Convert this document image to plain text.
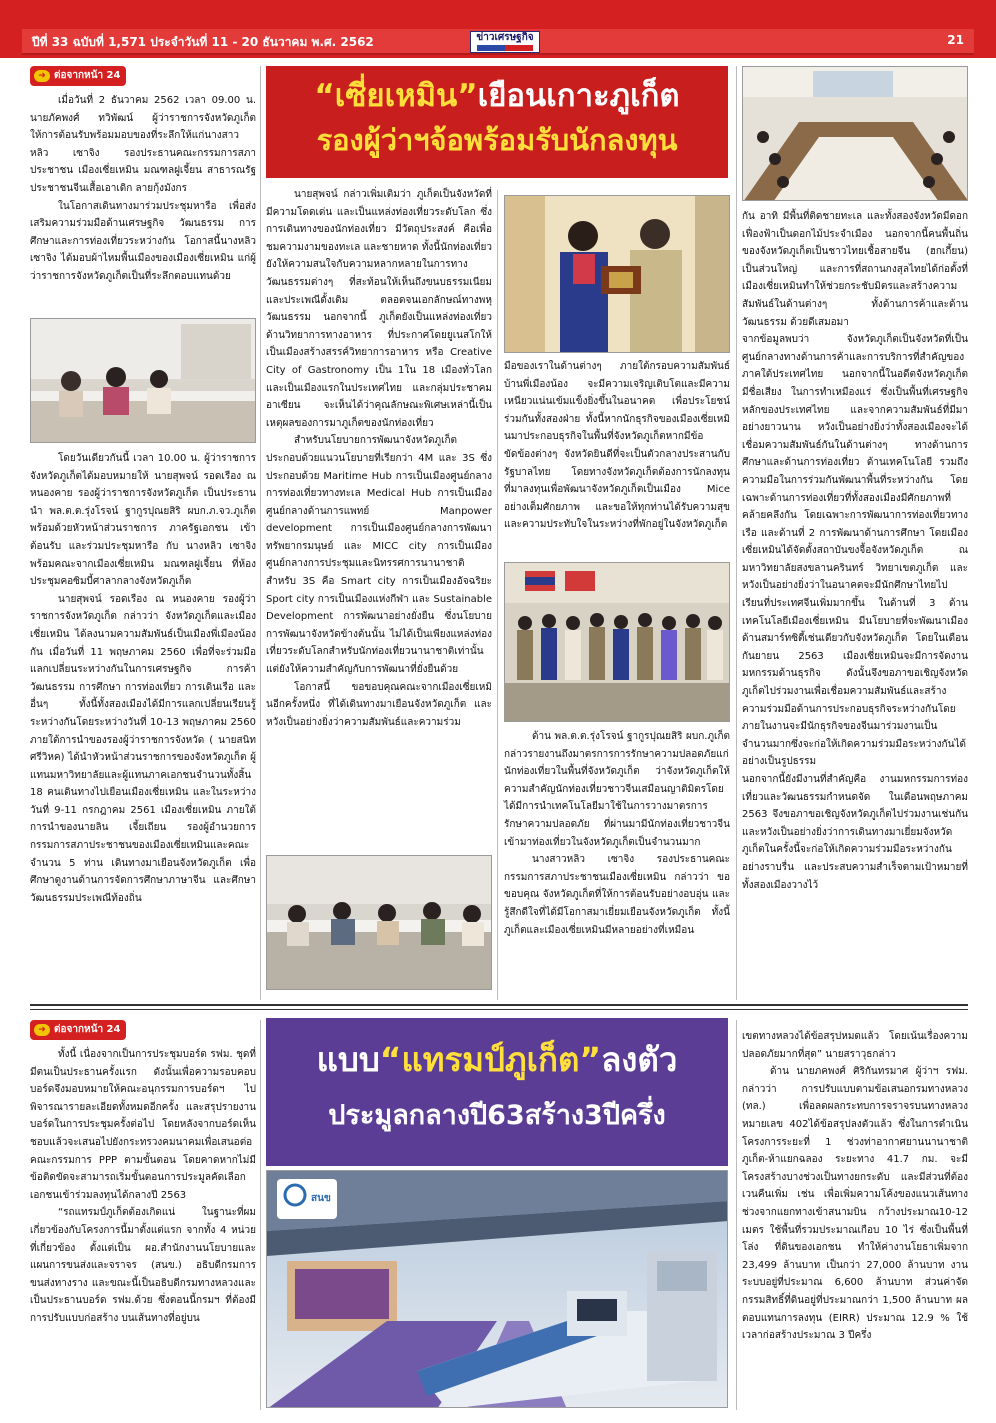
ปีที่ 33 ฉบับที่ 1,571 ประจำวันที่ 11 - 20 ธันวาคม พ.ศ. 2562	ข่าวเศรษฐกิจ	21
➜ ต่อจากหน้า 24

เมื่อวันที่ 2 ธันวาคม 2562 เวลา 09.00 น. นายภัคพงศ์ ทวิพัฒน์ ผู้ว่าราชการจังหวัดภูเก็ต ให้การต้อนรับพร้อมมอบของที่ระลึกให้แก่นางสาวหลิว เซาจิง รองประธานคณะกรรมการสภาประชาชน เมืองเซี่ยเหมิน มณฑลฝูเจี้ยน สาธารณรัฐประชาชนจีนเสื้อเอาเดิก ลายกุ้งมังกร

ในโอกาสเดินทางมาร่วมประชุมหารือ เพื่อส่งเสริมความร่วมมือด้านเศรษฐกิจ วัฒนธรรม การศึกษาและการท่องเที่ยวระหว่างกัน โอกาสนี้นางหลิว เซาจิง ได้มอบผ้าไหมพื้นเมืองของเมืองเซี่ยเหมิน แก่ผู้ว่าราชการจังหวัดภูเก็ตเป็นที่ระลึกตอบแทนด้วย

โดยวันเดียวกันนี้ เวลา 10.00 น. ผู้ว่าราชการจังหวัดภูเก็ตได้มอบหมายให้ นายสุพจน์ รอดเรือง ณ หนองคาย รองผู้ว่าราชการจังหวัดภูเก็ต เป็นประธานนำ พล.ต.ต.รุ่งโรจน์ ฐากูรปุณยสิริ ผบก.ภ.จว.ภูเก็ต พร้อมด้วยหัวหน้าส่วนราชการ ภาครัฐเอกชน เข้าต้อนรับ และร่วมประชุมหารือ กับ นางหลิว เซาจิง พร้อมคณะจากเมืองเซี่ยเหมิน มณฑลฝูเจี้ยน ที่ห้องประชุมคอซิมบี้ศาลากลางจังหวัดภูเก็ต

นายสุพจน์ รอดเรือง ณ หนองคาย รองผู้ว่าราชการจังหวัดภูเก็ต กล่าวว่า จังหวัดภูเก็ตและเมืองเซี่ยเหมิน ได้ลงนามความสัมพันธ์เป็นเมืองพี่เมืองน้องกัน เมื่อวันที่ 11 พฤษภาคม 2560 เพื่อที่จะร่วมมือแลกเปลี่ยนระหว่างกันในการเศรษฐกิจ การค้า วัฒนธรรม การศึกษา การท่องเที่ยว การเดินเรือ และอื่นๆ ทั้งนี้ทั้งสองเมืองได้มีการแลกเปลี่ยนเรียนรู้ระหว่างกันโดยระหว่างวันที่ 10-13 พฤษภาคม 2560 ภายใต้การนำของรองผู้ว่าราชการจังหวัด ( นายสนิท ศรีวิหค) ได้นำหัวหน้าส่วนราชการของจังหวัดภูเก็ต ผู้แทนมหาวิทยาลัยและผู้แทนภาคเอกชนจำนวนทั้งสิ้น 18 คนเดินทางไปเยือนเมืองเซี่ยเหมิน และในระหว่างวันที่ 9-11 กรกฎาคม 2561 เมืองเซี่ยเหมิน ภายใต้การนำของนายลิน เจี้ยเถียน รองผู้อำนวยการกรรมการสภาประชาชนของเมืองเซี่ยเหมินและคณะจำนวน 5 ท่าน เดินทางมาเยือนจังหวัดภูเก็ต เพื่อศึกษาดูงานด้านการจัดการศึกษาภาษาจีน และศึกษาวัฒนธรรมประเพณีท้องถิ่น

“เซี่ยเหมิน”เยือนเกาะภูเก็ต
รองผู้ว่าฯจ้อพร้อมรับนักลงทุน

นายสุพจน์ กล่าวเพิ่มเติมว่า ภูเก็ตเป็นจังหวัดที่มีความโดดเด่น และเป็นแหล่งท่องเที่ยวระดับโลก ซึ่งการเดินทางของนักท่องเที่ยว มีวัตถุประสงค์ คือเพื่อชมความงามของทะเล และชายหาด ทั้งนี้นักท่องเที่ยวยังให้ความสนใจกับความหลากหลายในการทางวัฒนธรรมต่างๆ ที่สะท้อนให้เห็นถึงขนบธรรมเนียมและประเพณีดั้งเดิม ตลอดจนเอกลักษณ์ทางพหุวัฒนธรรม นอกจากนี้ ภูเก็ตยังเป็นแหล่งท่องเที่ยวด้านวิทยาการทางอาหาร ที่ประกาศโดยยูเนสโกให้เป็นเมืองสร้างสรรค์วิทยาการอาหาร หรือ Creative City of Gastronomy เป็น 1ใน 18 เมืองทั่วโลก และเป็นเมืองแรกในประเทศไทย และกลุ่มประชาคมอาเซียน จะเห็นได้ว่าคุณลักษณะพิเศษเหล่านี้เป็นเหตุผลของการมาภูเก็ตของนักท่องเที่ยว

สำหรับนโยบายการพัฒนาจังหวัดภูเก็ต ประกอบด้วยแนวนโยบายที่เรียกว่า 4M และ 3S ซึ่งประกอบด้วย Maritime Hub การเป็นเมืองศูนย์กลางการท่องเที่ยวทางทะเล Medical Hub การเป็นเมืองศูนย์กลางด้านการแพทย์ Manpower development การเป็นเมืองศูนย์กลางการพัฒนาทรัพยากรมนุษย์ และ MICC city การเป็นเมืองศูนย์กลางการประชุมและนิทรรศการนานาชาติ สำหรับ 3S คือ Smart city การเป็นเมืองอัจฉริยะ Sport city การเป็นเมืองแห่งกีฬา และ Sustainable Development การพัฒนาอย่างยั่งยืน ซึ่งนโยบายการพัฒนาจังหวัดข้างต้นนั้น ไม่ได้เป็นเพียงแหล่งท่องเที่ยวระดับโลกสำหรับนักท่องเที่ยวนานาชาติเท่านั้นแต่ยังให้ความสำคัญกับการพัฒนาที่ยั่งยืนด้วย

โอกาสนี้ ขอขอบคุณคณะจากเมืองเซี่ยเหมินอีกครั้งหนึ่ง ที่ได้เดินทางมาเยือนจังหวัดภูเก็ต และหวังเป็นอย่างยิ่งว่าความสัมพันธ์และความร่วม

มือของเราในด้านต่างๆ ภายใต้กรอบความสัมพันธ์บ้านพี่เมืองน้อง จะมีความเจริญเติบโตและมีความเหนียวแน่นเข้มแข็งยิ่งขึ้นในอนาคต เพื่อประโยชน์ร่วมกันทั้งสองฝ่าย ทั้งนี้หากนักธุรกิจของเมืองเซี่ยเหมินมาประกอบธุรกิจในพื้นที่จังหวัดภูเก็ตหากมีข้อขัดข้องต่างๆ จังหวัดยินดีที่จะเป็นตัวกลางประสานกับรัฐบาลไทย โดยทางจังหวัดภูเก็ตต้องการนักลงทุนที่มาลงทุนเพื่อพัฒนาจังหวัดภูเก็ตเป็นเมือง Mice อย่างเต็มศักยภาพ และขอให้ทุกท่านได้รับความสุขและความประทับใจในระหว่างที่พักอยู่ในจังหวัดภูเก็ต

ด้าน พล.ต.ต.รุ่งโรจน์ ฐากูรปุณยสิริ ผบก.ภูเก็ต กล่าวรายงานถึงมาตรการการรักษาความปลอดภัยแก่นักท่องเที่ยวในพื้นที่จังหวัดภูเก็ต ว่าจังหวัดภูเก็ตให้ความสำคัญนักท่องเที่ยวชาวจีนเสมือนญาติมิตรโดยได้มีการนำเทคโนโลยีมาใช้ในการวางมาตรการรักษาความปลอดภัย ที่ผ่านมามีนักท่องเที่ยวชาวจีนเข้ามาท่องเที่ยวในจังหวัดภูเก็ตเป็นจำนวนมาก

นางสาวหลิว เซาจิง รองประธานคณะกรรมการสภาประชาชนเมืองเซี่ยเหมิน กล่าวว่า ขอขอบคุณ จังหวัดภูเก็ตที่ให้การต้อนรับอย่างอบอุ่น และรู้สึกดีใจที่ได้มีโอกาสมาเยี่ยมเยือนจังหวัดภูเก็ต ทั้งนี้ ภูเก็ตและเมืองเซี่ยเหมินมีหลายอย่างที่เหมือน

กัน อาทิ มีพื้นที่ติดชายทะเล และทั้งสองจังหวัดมีดอกเฟื่องฟ้าเป็นดอกไม้ประจำเมือง นอกจากนี้คนพื้นถิ่นของจังหวัดภูเก็ตเป็นชาวไทยเชื้อสายจีน (ฮกเกี้ยน) เป็นส่วนใหญ่ และการที่สถานกงสุลไทยได้ก่อตั้งที่เมืองเซี่ยเหมินทำให้ช่วยกระชับมิตรและสร้างความสัมพันธ์ในด้านต่างๆ ทั้งด้านการค้าและด้านวัฒนธรรม ด้วยดีเสมอมา

จากข้อมูลพบว่า จังหวัดภูเก็ตเป็นจังหวัดที่เป็นศูนย์กลางทางด้านการค้าและการบริการที่สำคัญของภาคใต้ประเทศไทย นอกจากนี้ในอดีตจังหวัดภูเก็ตมีชื่อเสียง ในการทำเหมืองแร่ ซึ่งเป็นพื้นที่เศรษฐกิจหลักของประเทศไทย และจากความสัมพันธ์ที่มีมาอย่างยาวนาน หวังเป็นอย่างยิ่งว่าทั้งสองเมืองจะได้เชื่อมความสัมพันธ์กันในด้านต่างๆ ทางด้านการศึกษาและด้านการท่องเที่ยว ด้านเทคโนโลยี รวมถึงความมือในการร่วมกันพัฒนาพื้นที่ระหว่างกัน โดยเฉพาะด้านการท่องเที่ยวที่ทั้งสองเมืองมีศักยภาพที่คล้ายคลึงกัน โดยเฉพาะการพัฒนาการท่องเที่ยวทางเรือ และด้านที่ 2 การพัฒนาด้านการศึกษา โดยเมืองเซี่ยเหมินได้จัดตั้งสถาบันขงจื้อจังหวัดภูเก็ต ณ มหาวิทยาลัยสงขลานครินทร์ วิทยาเขตภูเก็ต และหวังเป็นอย่างยิ่งว่าในอนาคตจะมีนักศึกษาไทยไปเรียนที่ประเทศจีนเพิ่มมากขึ้น ในด้านที่ 3 ด้านเทคโนโลยีเมืองเซี่ยเหมิน มีนโยบายที่จะพัฒนาเมืองด้านสมาร์ทซิตี้เช่นเดียวกับจังหวัดภูเก็ต โดยในเดือนกันยายน 2563 เมืองเซี่ยเหมินจะมีการจัดงานมหกรรมด้านธุรกิจ ดังนั้นจึงขอภาขอเชิญจังหวัดภูเก็ตไปร่วมงานเพื่อเชื่อมความสัมพันธ์และสร้างความร่วมมือด้านการประกอบธุรกิจระหว่างกันโดยภายในงานจะมีนักธุรกิจของจีนมาร่วมงานเป็นจำนวนมากซึ่งจะก่อให้เกิดความร่วมมือระหว่างกันได้อย่างเป็นรูปธรรม

นอกจากนี้ยังมีงานที่สำคัญคือ งานมหกรรมการท่องเที่ยวและวัฒนธรรมกำหนดจัด ในเดือนพฤษภาคม 2563 จึงขอภาขอเชิญจังหวัดภูเก็ตไปร่วมงานเช่นกันและหวังเป็นอย่างยิ่งว่าการเดินทางมาเยี่ยมจังหวัดภูเก็ตในครั้งนี้จะก่อให้เกิดความร่วมมือระหว่างกันอย่างราบรื่น และประสบความสำเร็จตามเป้าหมายที่ทั้งสองเมืองวางไว้

➜ ต่อจากหน้า 24

ทั้งนี้ เนื่องจากเป็นการประชุมบอร์ด รฟม. ชุดที่มีตนเป็นประธานครั้งแรก ดังนั้นเพื่อความรอบคอบบอร์ดจึงมอบหมายให้คณะอนุกรรมการบอร์ดฯ ไปพิจารณารายละเอียดทั้งหมดอีกครั้ง และสรุปรายงานบอร์ดในการประชุมครั้งต่อไป โดยหลังจากบอร์ดเห็นชอบแล้วจะเสนอไปยังกระทรวงคมนาคมเพื่อเสนอต่อคณะกรรมการ PPP ตามขั้นตอน โดยคาดหากไม่มีข้อติดขัดจะสามารถเริ่มขั้นตอนการประมูลคัดเลือกเอกชนเข้าร่วมลงทุนได้กลางปี 2563

“รถแทรมป์ภูเก็ตต้องเกิดแน่ ในฐานะที่ผมเกี่ยวข้องกับโครงการนี้มาตั้งแต่แรก จากทั้ง 4 หน่วยที่เกี่ยวข้อง ตั้งแต่เป็น ผอ.สำนักงานนโยบายและแผนการขนส่งและจราจร (สนข.) อธิบดีกรมการขนส่งทางราง และขณะนี้เป็นอธิบดีกรมทางหลวงและเป็นประธานบอร์ด รฟม.ด้วย ซึ่งตอนนี้กรมฯ ที่ต้องมีการปรับแบบก่อสร้าง บนเส้นทางที่อยู่บน

แบบ“แทรมป์ภูเก็ต”ลงตัว
ประมูลกลางปี63สร้าง3ปีครึ่ง
สนข

เขตทางหลวงได้ข้อสรุปหมดแล้ว โดยเน้นเรื่องความปลอดภัยมากที่สุด” นายสราวุธกล่าว

ด้าน นายภคพงศ์ ศิริกันทรมาศ ผู้ว่าฯ รฟม. กล่าวว่า การปรับแบบตามข้อเสนอกรมทางหลวง (ทล.) เพื่อลดผลกระทบการจราจรบนทางหลวงหมายเลข 402ได้ข้อสรุปลงตัวแล้ว ซึ่งในการดำเนินโครงการระยะที่ 1 ช่วงท่าอากาศยานนานาชาติภูเก็ต-ห้าแยกฉลอง ระยะทาง 41.7 กม. จะมีโครงสร้างบางช่วงเป็นทางยกระดับ และมีส่วนที่ต้องเวนคืนเพิ่ม เช่น เพื่อเพิ่มความโค้งของแนวเส้นทางช่วงจากแยกทางเข้าสนามบิน กว้างประมาณ10-12 เมตร ใช้พื้นที่รวมประมาณเกือบ 10 ไร่ ซึ่งเป็นพื้นที่โล่ง ที่ดินของเอกชน ทำให้ค่างานโยธาเพิ่มจาก 23,499 ล้านบาท เป็นกว่า 27,000 ล้านบาท งานระบบอยู่ที่ประมาณ 6,600 ล้านบาท ส่วนค่าจัดกรรมสิทธิ์ที่ดินอยู่ที่ประมาณกว่า 1,500 ล้านบาท ผลตอบแทนการลงทุน (EIRR) ประมาณ 12.9 % ใช้เวลาก่อสร้างประมาณ 3 ปีครึ่ง
